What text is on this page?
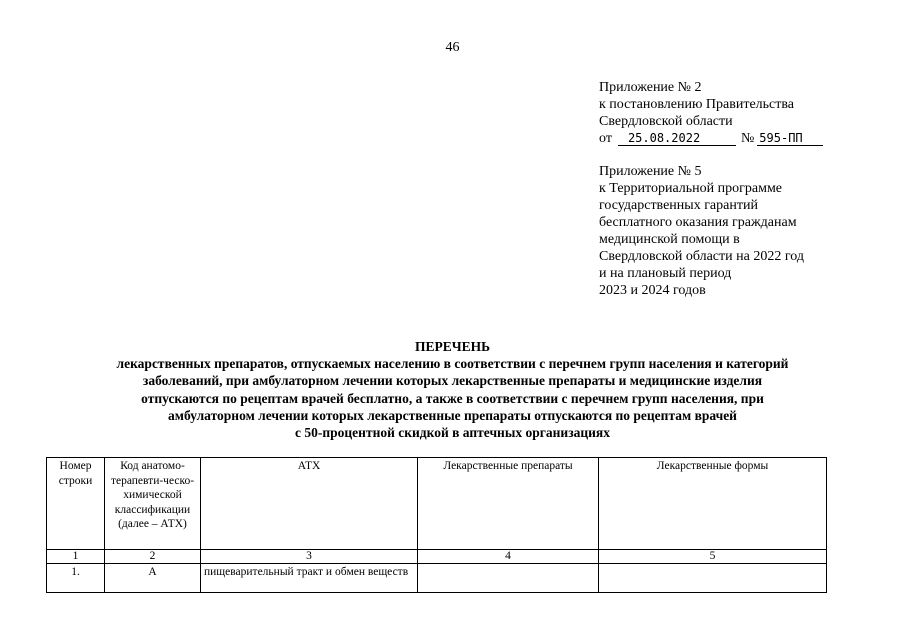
46
Приложение № 2
к постановлению Правительства
Свердловской области
от	25.08.2022	№ 595-ПП
Приложение № 5
к Территориальной программе
государственных гарантий
бесплатного оказания гражданам
медицинской помощи в
Свердловской области на 2022 год
и на плановый период
2023 и 2024 годов
ПЕРЕЧЕНЬ
лекарственных препаратов, отпускаемых населению в соответствии с перечнем групп населения и категорий
заболеваний, при амбулаторном лечении которых лекарственные препараты и медицинские изделия
отпускаются по рецептам врачей бесплатно, а также в соответствии с перечнем групп населения, при
амбулаторном лечении которых лекарственные препараты отпускаются по рецептам врачей
с 50-процентной скидкой в аптечных организациях
Номер строки	Код анатомо-терапевти-ческо-химической классификации (далее – АТХ)	АТХ	Лекарственные препараты	Лекарственные формы
1	2	3	4	5
1.	A	пищеварительный тракт и обмен веществ		
